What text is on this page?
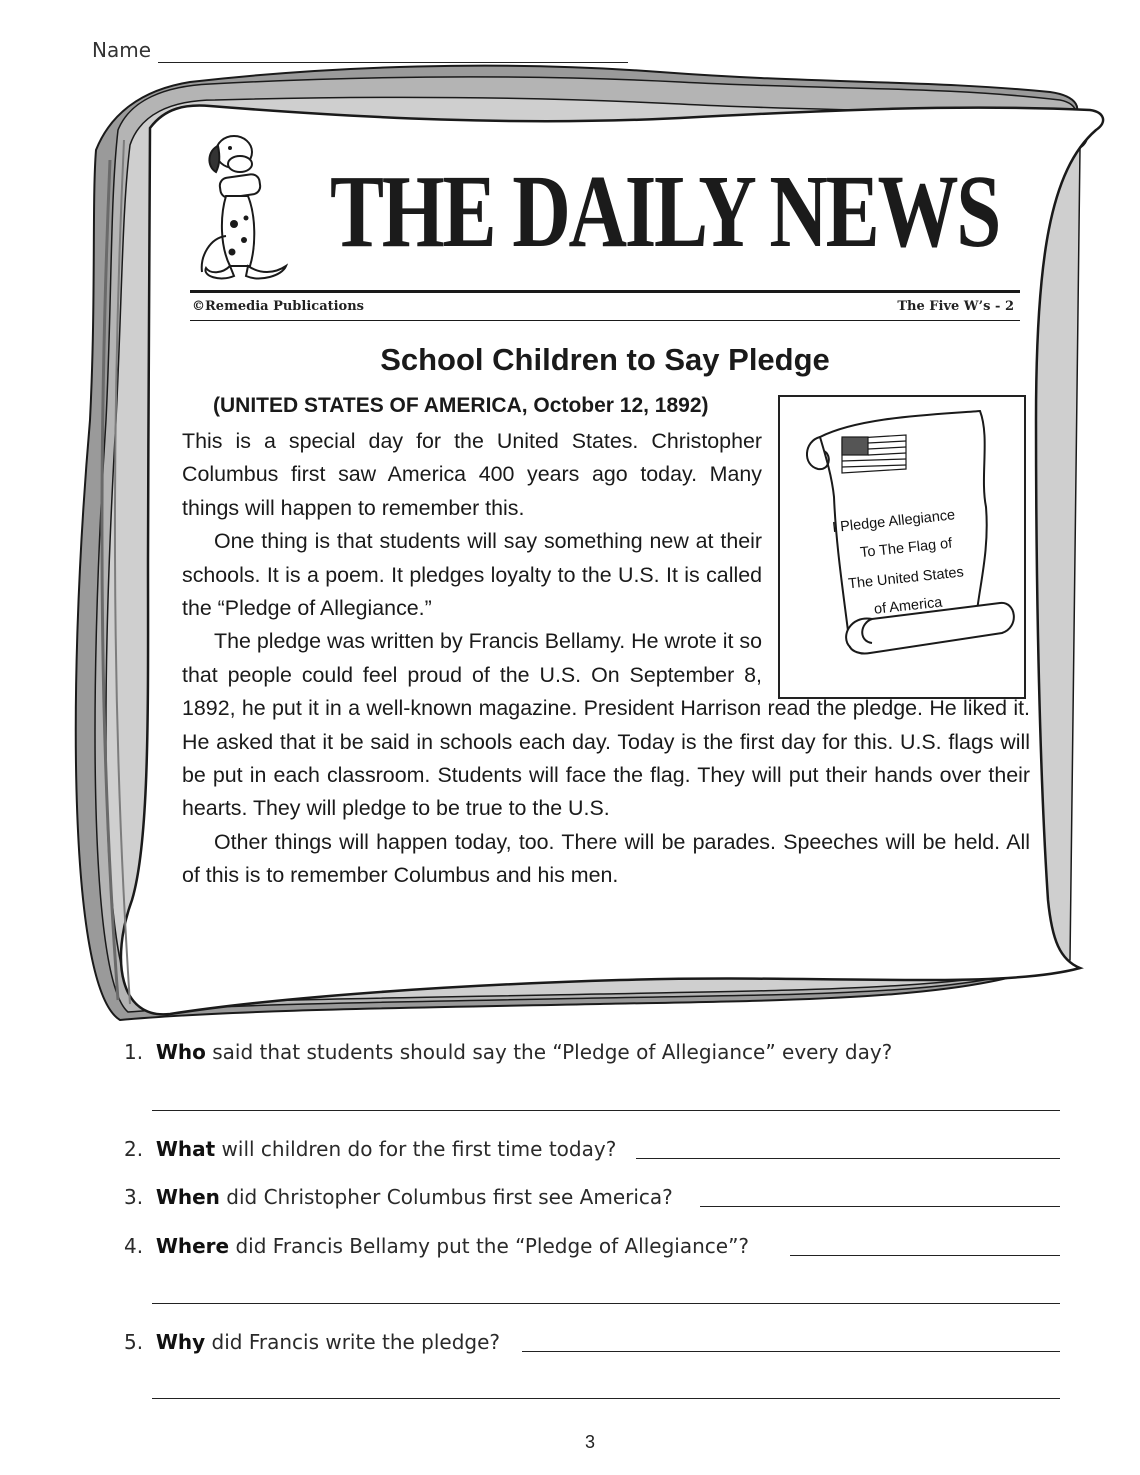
Name
THE DAILY NEWS
©Remedia Publications	The Five W’s - 2
School Children to Say Pledge
(UNITED STATES OF AMERICA, October 12, 1892)

This is a special day for the United States. Christopher Columbus first saw America 400 years ago today. Many things will happen to remember this.

One thing is that students will say something new at their schools. It is a poem. It pledges loyalty to the U.S. It is called the “Pledge of Allegiance.”

The pledge was written by Francis Bellamy. He wrote it so that people could feel proud of the U.S. On September 8, 1892, he put it in a well-known magazine. President Harrison read the pledge. He liked it. He asked that it be said in schools each day. Today is the first day for this. U.S. flags will be put in each classroom. Students will face the flag. They will put their hands over their hearts. They will pledge to be true to the U.S.

Other things will happen today, too. There will be parades. Speeches will be held. All of this is to remember Columbus and his men.

I Pledge Allegiance
To The Flag of
The United States
of America
1. Who said that students should say the “Pledge of Allegiance” every day?
2. What will children do for the first time today?
3. When did Christopher Columbus first see America?
4. Where did Francis Bellamy put the “Pledge of Allegiance”?
5. Why did Francis write the pledge?
3
